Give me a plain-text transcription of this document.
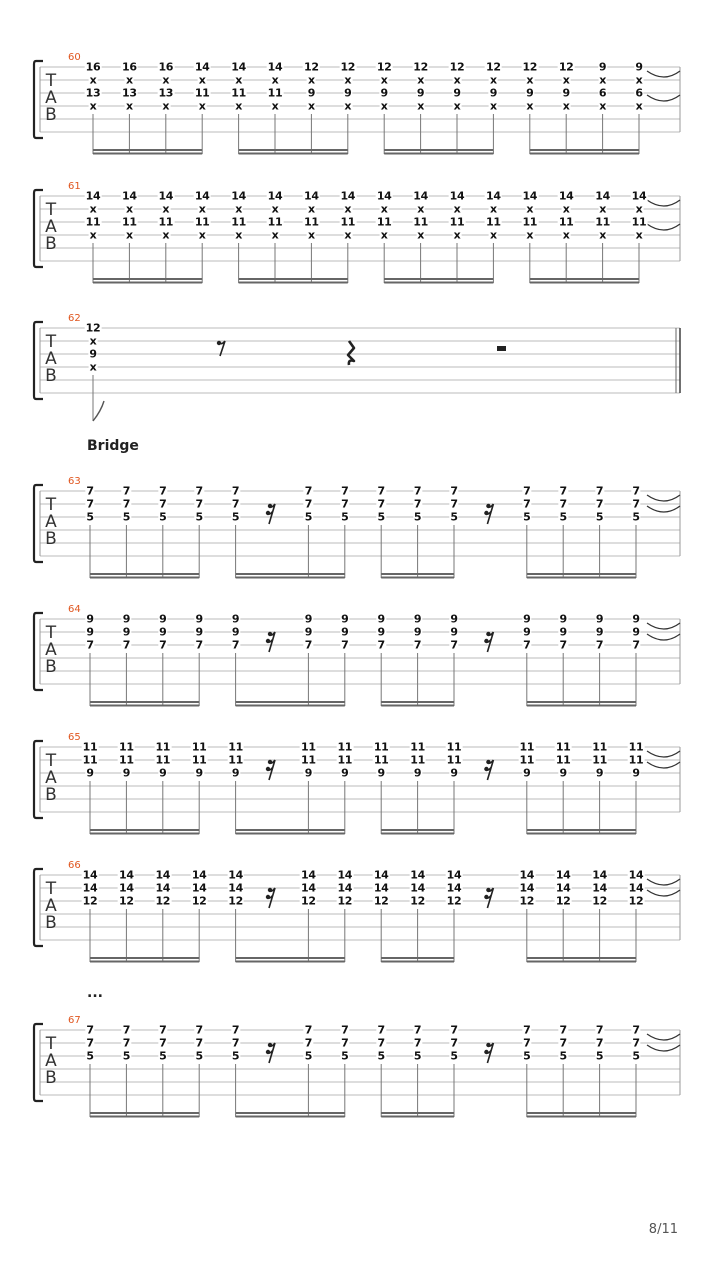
60
T
A
B
16
x
13
x
16
x
13
x
16
x
13
x
14
x
11
x
14
x
11
x
14
x
11
x
12
x
9
x
12
x
9
x
12
x
9
x
12
x
9
x
12
x
9
x
12
x
9
x
12
x
9
x
12
x
9
x
9
x
6
x
9
x
6
x
61
T
A
B
14
x
11
x
14
x
11
x
14
x
11
x
14
x
11
x
14
x
11
x
14
x
11
x
14
x
11
x
14
x
11
x
14
x
11
x
14
x
11
x
14
x
11
x
14
x
11
x
14
x
11
x
14
x
11
x
14
x
11
x
14
x
11
x
62
T
A
B
12
x
9
x
63
T
A
B
7
7
5
7
7
5
7
7
5
7
7
5
7
7
5
7
7
5
7
7
5
7
7
5
7
7
5
7
7
5
7
7
5
7
7
5
7
7
5
7
7
5
64
T
A
B
9
9
7
9
9
7
9
9
7
9
9
7
9
9
7
9
9
7
9
9
7
9
9
7
9
9
7
9
9
7
9
9
7
9
9
7
9
9
7
9
9
7
65
T
A
B
11
11
9
11
11
9
11
11
9
11
11
9
11
11
9
11
11
9
11
11
9
11
11
9
11
11
9
11
11
9
11
11
9
11
11
9
11
11
9
11
11
9
66
T
A
B
14
14
12
14
14
12
14
14
12
14
14
12
14
14
12
14
14
12
14
14
12
14
14
12
14
14
12
14
14
12
14
14
12
14
14
12
14
14
12
14
14
12
67
T
A
B
7
7
5
7
7
5
7
7
5
7
7
5
7
7
5
7
7
5
7
7
5
7
7
5
7
7
5
7
7
5
7
7
5
7
7
5
7
7
5
7
7
5
Bridge
...
8/11
